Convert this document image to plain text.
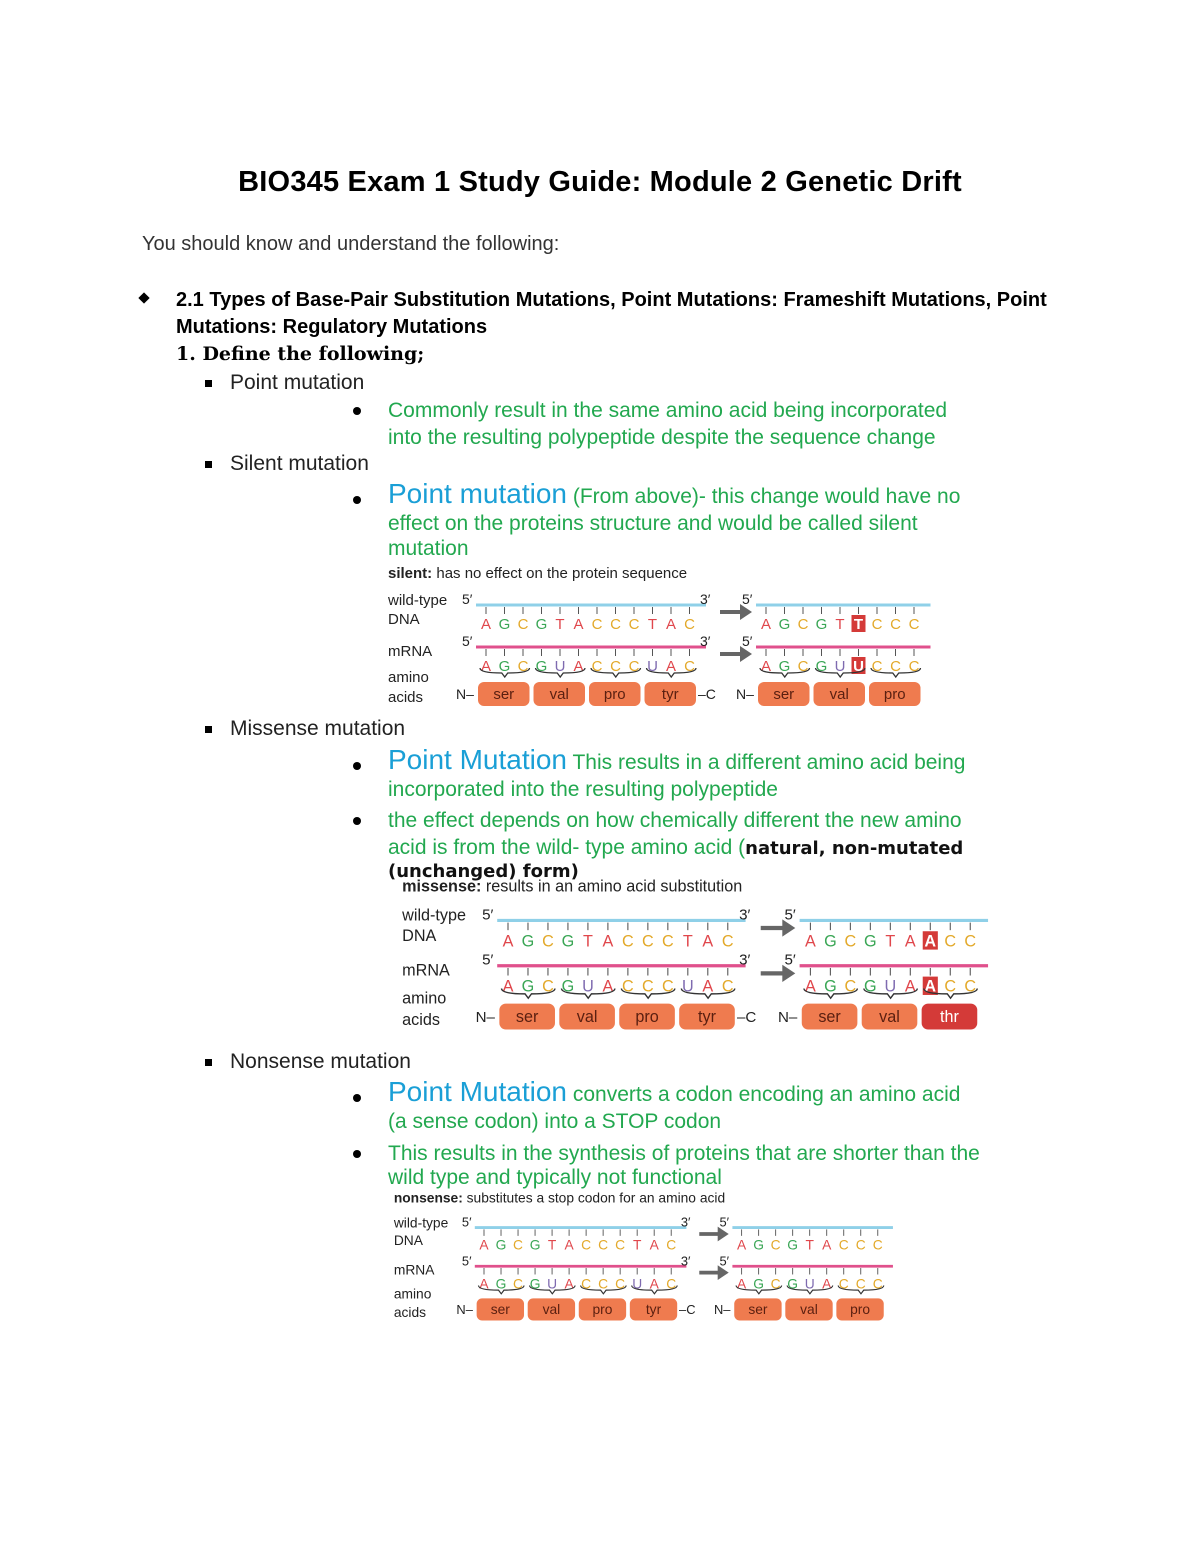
BIO345 Exam 1 Study Guide: Module 2 Genetic Drift
You should know and understand the following:
2.1 Types of Base-Pair Substitution Mutations, Point Mutations: Frameshift Mutations, Point Mutations: Regulatory Mutations
1. Define the following;
Point mutation
Commonly result in the same amino acid being incorporated
into the resulting polypeptide despite the sequence change
Silent mutation
Point mutation (From above)- this change would have no
effect on the proteins structure and would be called silent
mutation
silent: has no effect on the protein sequence
wild-type
DNA
mRNA
amino
acids
5′
A G C G T A C C C T A C
3′
5′
A G C G U A C C C U A C
3′
5′
A G C G T T C C C
5′
A G C G U U C C C
N– ser val pro tyr –C N– ser val pro
Missense mutation
Point Mutation This results in a different amino acid being
incorporated into the resulting polypeptide
the effect depends on how chemically different the new amino
acid is from the wild- type amino acid (natural, non-mutated
(unchanged) form)
missense: results in an amino acid substitution
wild-type
DNA
mRNA
amino
acids
5′
A G C G T A C C C T A C
3′
5′
A G C G U A C C C U A C
3′
5′
A G C G T A A C C
5′
A G C G U A A C C
N– ser	val	pro	tyr –C N– ser	val	thr
Nonsense mutation
Point Mutation converts a codon encoding an amino acid
(a sense codon) into a STOP codon
This results in the synthesis of proteins that are shorter than the
wild type and typically not functional
nonsense: substitutes a stop codon for an amino acid
wild-type
DNA
mRNA
amino
acids
5′
A G C G T A C C C T A C
3′
5′
A G C G U A C C C U A C
3′
5′
A G C G T A C C C
5′
A G C G U A C C C
N– ser val pro tyr –C N– ser val pro
